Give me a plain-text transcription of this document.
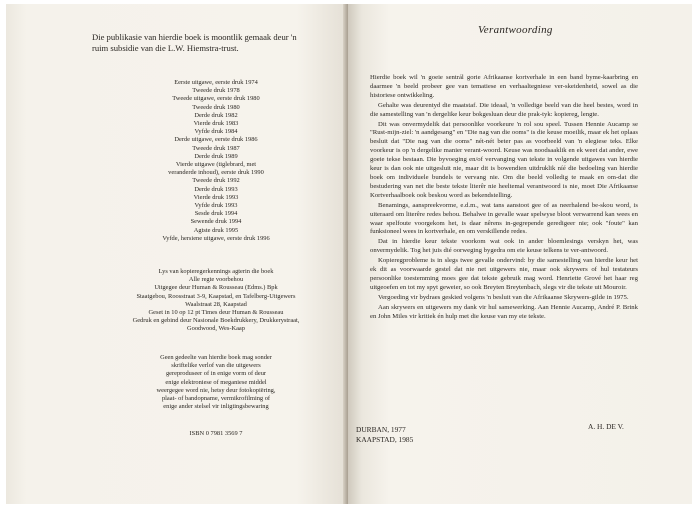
Die publikasie van hierdie boek is moontlik gemaak deur 'n
ruim subsidie van die L.W. Hiemstra-trust.
Eerste uitgawe, eerste druk 1974
Tweede druk 1978
Tweede uitgawe, eerste druk 1980
Tweede druk 1980
Derde druk 1982
Vierde druk 1983
Vyfde druk 1984
Derde uitgawe, eerste druk 1986
Tweede druk 1987
Derde druk 1989
Vierde uitgawe (tiglebrard, met
veranderde inhoud), eerste druk 1990
Tweede druk 1992
Derde druk 1993
Vierde druk 1993
Vyfde druk 1993
Sesde druk 1994
Sewende druk 1994
Agtste druk 1995
Vyfde, hersiene uitgawe, eerste druk 1996
Lys van kopieregerkennings agterin die boek
Alle regte voorbehou
Uitgegee deur Human & Rousseau (Edms.) Bpk
Staatgebou, Roosstraat 3-9, Kaapstad, en Tafelberg-Uitgewers
Waalstraat 28, Kaapstad
Geset in 10 op 12 pt Times deur Human & Rousseau
Gedruk en gebind deur Nasionale Boekdrukkery, Drukkerystraat,
Goodwood, Wes-Kaap
Geen gedeelte van hierdie boek mag sonder
skriftelike verlof van die uitgewers
gereproduseer of in enige vorm of deur
enige elektroniese of meganiese middel
weergegee word nie, hetsy deur fotokopiëring,
plaat- of bandopname, vermikrofilming of
enige ander stelsel vir inligtingsbewaring
ISBN 0 7981 3569 7
Verantwoording

Hierdie boek wil 'n goeie sentrál gorie Afrikaanse kortverhale in een band byme-kaarbring en daarmee 'n beeld probeer gee van tematiese en verhaaltegniese ver-skeidenheid, sowel as die historiese ontwikkeling.

Gehalte was deurentyd die maatstaf. Die ideaal, 'n volledige beeld van die heel bestes, word in die samestelling van 'n dergelike keur bokgesluan deur die prak-tyk: kopiereg, lengte.

Dit was onvermydelik dat persoonlike voorkeure 'n rol sou speel. Tussen Hennie Aucamp se "Rust-mijn-ziel: 'n aandgesang" en "Die nag van die ooms" is die keuse moeilik, maar ek het oplaas besluit dat "Die nag van die ooms" nét-nét beter pas as voorbeeld van 'n elegiese teks. Elke voorkeur is op 'n dergelike manier verant-woord. Keuse was noodsaaklik en ek weet dat ander, ewe goeie tekse bestaan. Die byvoeging en/of vervanging van tekste in volgende uitgawes van hierdie keur is dan ook nie uitgesluit nie, maar dit is bowendien uitdruklik níé die bedoeling van hierdie boek om individuele bundels te vervang nie. Om die beeld volledig te maak en om-dat die bestudering van net die beste tekste literêr nie heeltemal verantwoord is nie, moet Die Afrikaanse Kortverhaalboek ook beskou word as bekendstelling.

Benamings, aanspreekvorme, e.d.m., wat tans aanstoot gee of as neerhalend be-skou word, is uiteraard om literêre redes behou. Behalwe in gevalle waar spelwyse bloot verwarrend kan wees en waar spelfoute voorgekom het, is daar nêrens in-gegrepende geredigeer nie; ook "foute" kan funksioneel wees in kortverhale, en om verskillende redes.

Dat in hierdie keur tekste voorkom wat ook in ander bloemlesings verskyn het, was onvermydelik. Tog het juis dié oorweging bygedra om eie keuse telkens te ver-antwoord.

Kopieregprobleme is in slegs twee gevalle ondervind: by die samestelling van hierdie keur het ek dit as voorwaarde gestel dat nie net uitgewers nie, maar ook skrywers of hul testateurs persoonlike toestemming moes gee dat tekste gebruik mag word. Henriette Grové het haar reg uitgeoefen en tot my spyt geweier, so ook Breyten Breytenbach, slegs vir die tekste uit Mouroir.

Vergoeding vir bydraes geskied volgens 'n besluit van die Afrikaanse Skrywers-gilde in 1975.

Aan skrywers en uitgewers my dank vir hul samewerking. Aan Hennie Aucamp, André P. Brink en John Miles vir kritiek én hulp met die keuse van my eie tekste.

A. H. DE V.
DURBAN, 1977
KAAPSTAD, 1985
